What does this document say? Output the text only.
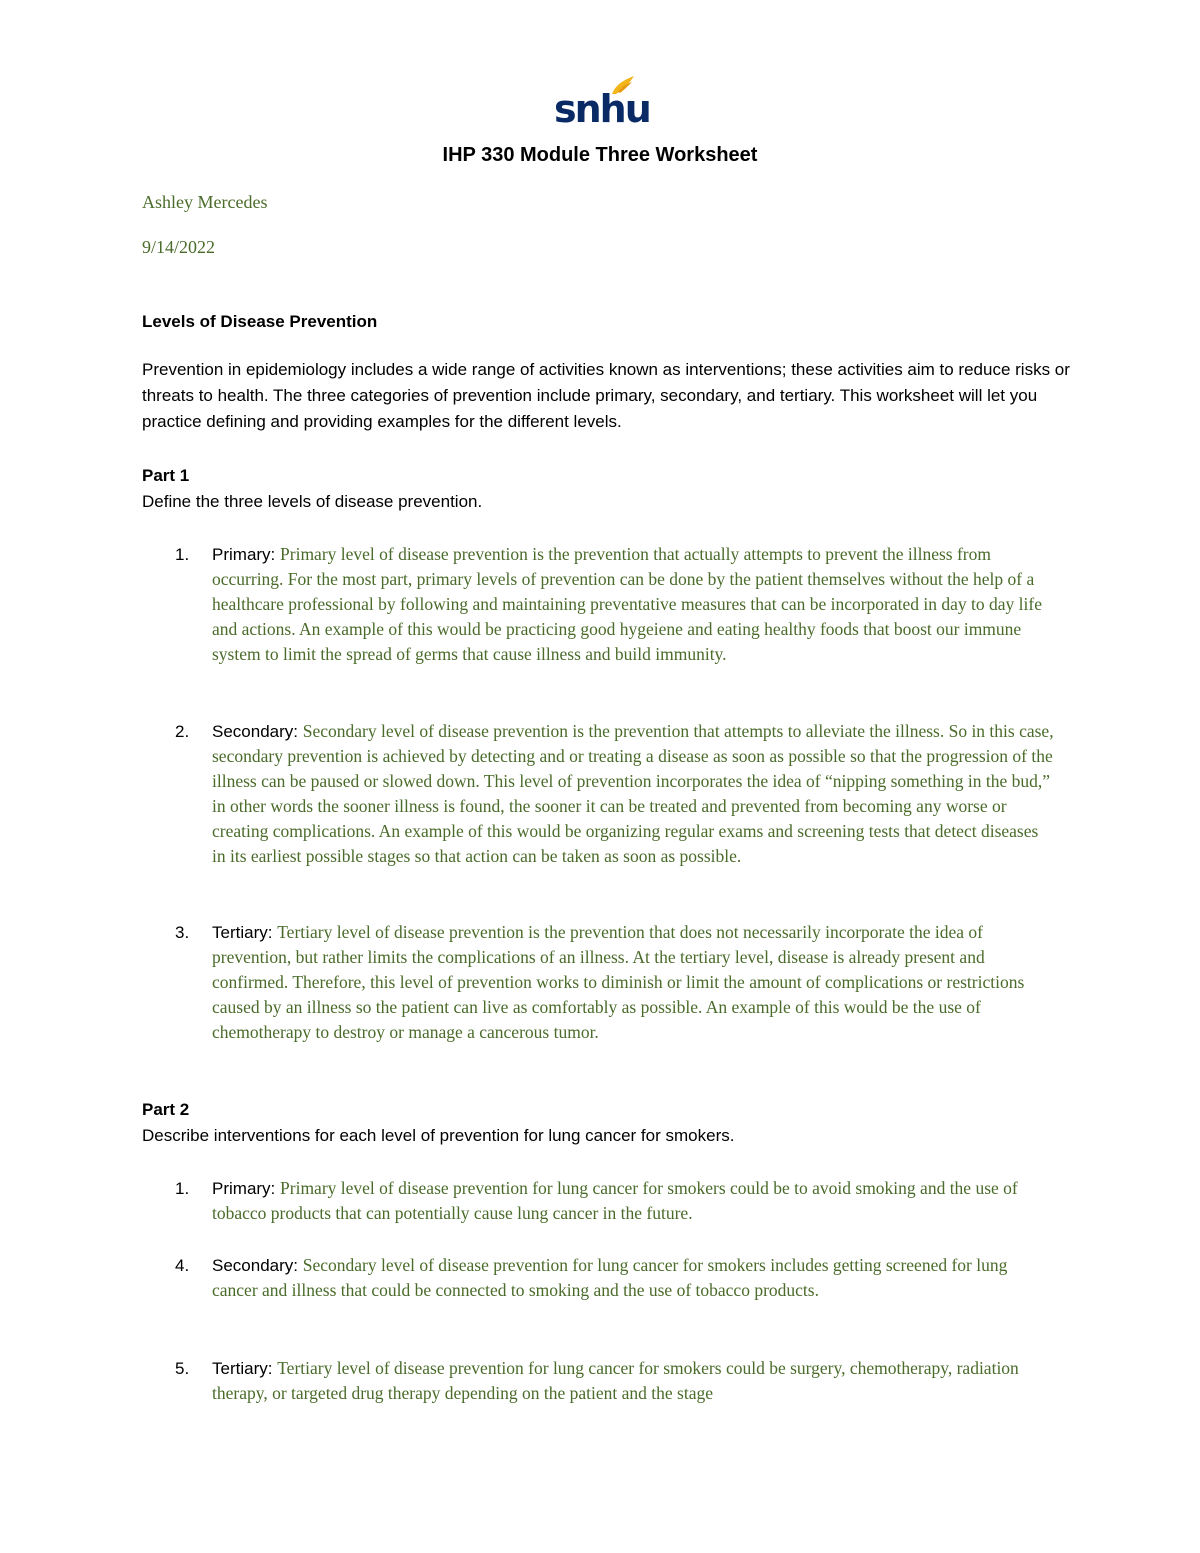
snhu
IHP 330 Module Three Worksheet
Ashley Mercedes
9/14/2022
Levels of Disease Prevention
Prevention in epidemiology includes a wide range of activities known as interventions; these activities aim to reduce risks or threats to health. The three categories of prevention include primary, secondary, and tertiary. This worksheet will let you practice defining and providing examples for the different levels.
Part 1
Define the three levels of disease prevention.
1.	Primary: Primary level of disease prevention is the prevention that actually attempts to prevent the illness from occurring. For the most part, primary levels of prevention can be done by the patient themselves without the help of a healthcare professional by following and maintaining preventative measures that can be incorporated in day to day life and actions. An example of this would be practicing good hygeiene and eating healthy foods that boost our immune system to limit the spread of germs that cause illness and build immunity.
2.	Secondary: Secondary level of disease prevention is the prevention that attempts to alleviate the illness. So in this case, secondary prevention is achieved by detecting and or treating a disease as soon as possible so that the progression of the illness can be paused or slowed down. This level of prevention incorporates the idea of “nipping something in the bud,” in other words the sooner illness is found, the sooner it can be treated and prevented from becoming any worse or creating complications. An example of this would be organizing regular exams and screening tests that detect diseases in its earliest possible stages so that action can be taken as soon as possible.
3.	Tertiary: Tertiary level of disease prevention is the prevention that does not necessarily incorporate the idea of prevention, but rather limits the complications of an illness. At the tertiary level, disease is already present and confirmed. Therefore, this level of prevention works to diminish or limit the amount of complications or restrictions caused by an illness so the patient can live as comfortably as possible. An example of this would be the use of chemotherapy to destroy or manage a cancerous tumor.
Part 2
Describe interventions for each level of prevention for lung cancer for smokers.
1.	Primary: Primary level of disease prevention for lung cancer for smokers could be to avoid smoking and the use of tobacco products that can potentially cause lung cancer in the future.
4.	Secondary: Secondary level of disease prevention for lung cancer for smokers includes getting screened for lung cancer and illness that could be connected to smoking and the use of tobacco products.
5.	Tertiary: Tertiary level of disease prevention for lung cancer for smokers could be surgery, chemotherapy, radiation therapy, or targeted drug therapy depending on the patient and the stage
